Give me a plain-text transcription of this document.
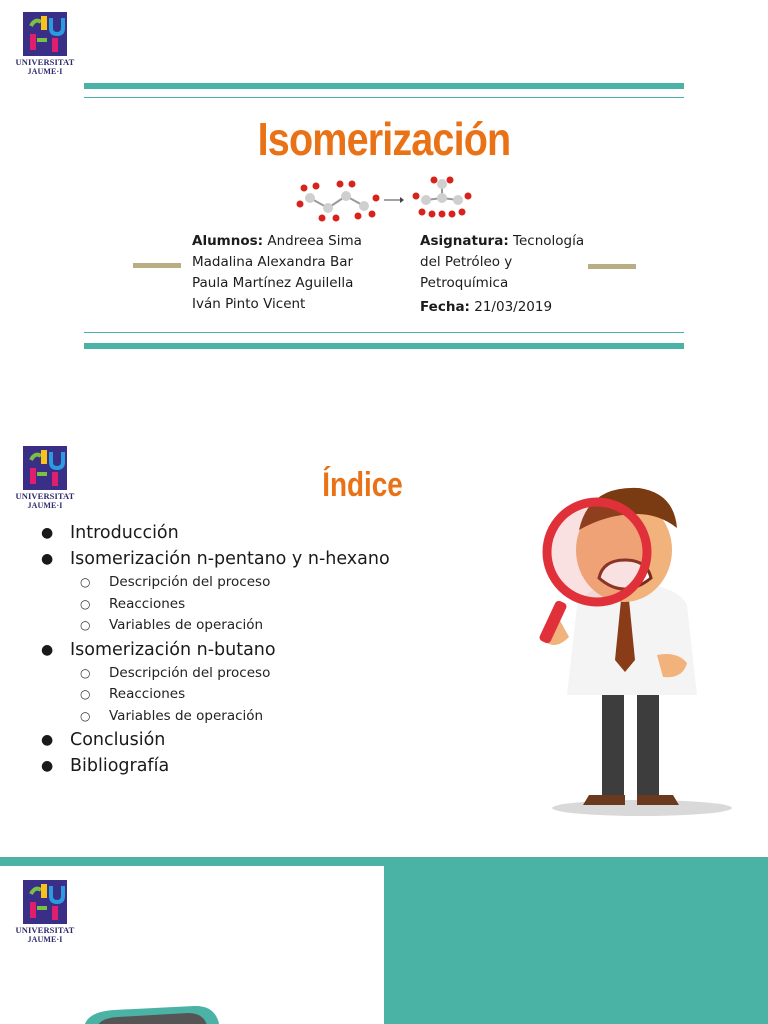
UNIVERSITAT
JAUME·I
Isomerización
Alumnos: Andreea Sima
Madalina Alexandra Bar
Paula Martínez Aguilella
Iván Pinto Vicent
Asignatura: Tecnología
del Petróleo y
Petroquímica
Fecha: 21/03/2019
UNIVERSITAT
JAUME·I
Índice
● Introducción
● Isomerización n-pentano y n-hexano
○ Descripción del proceso
○ Reacciones
○ Variables de operación
● Isomerización n-butano
○ Descripción del proceso
○ Reacciones
○ Variables de operación
● Conclusión
● Bibliografía
UNIVERSITAT
JAUME·I
